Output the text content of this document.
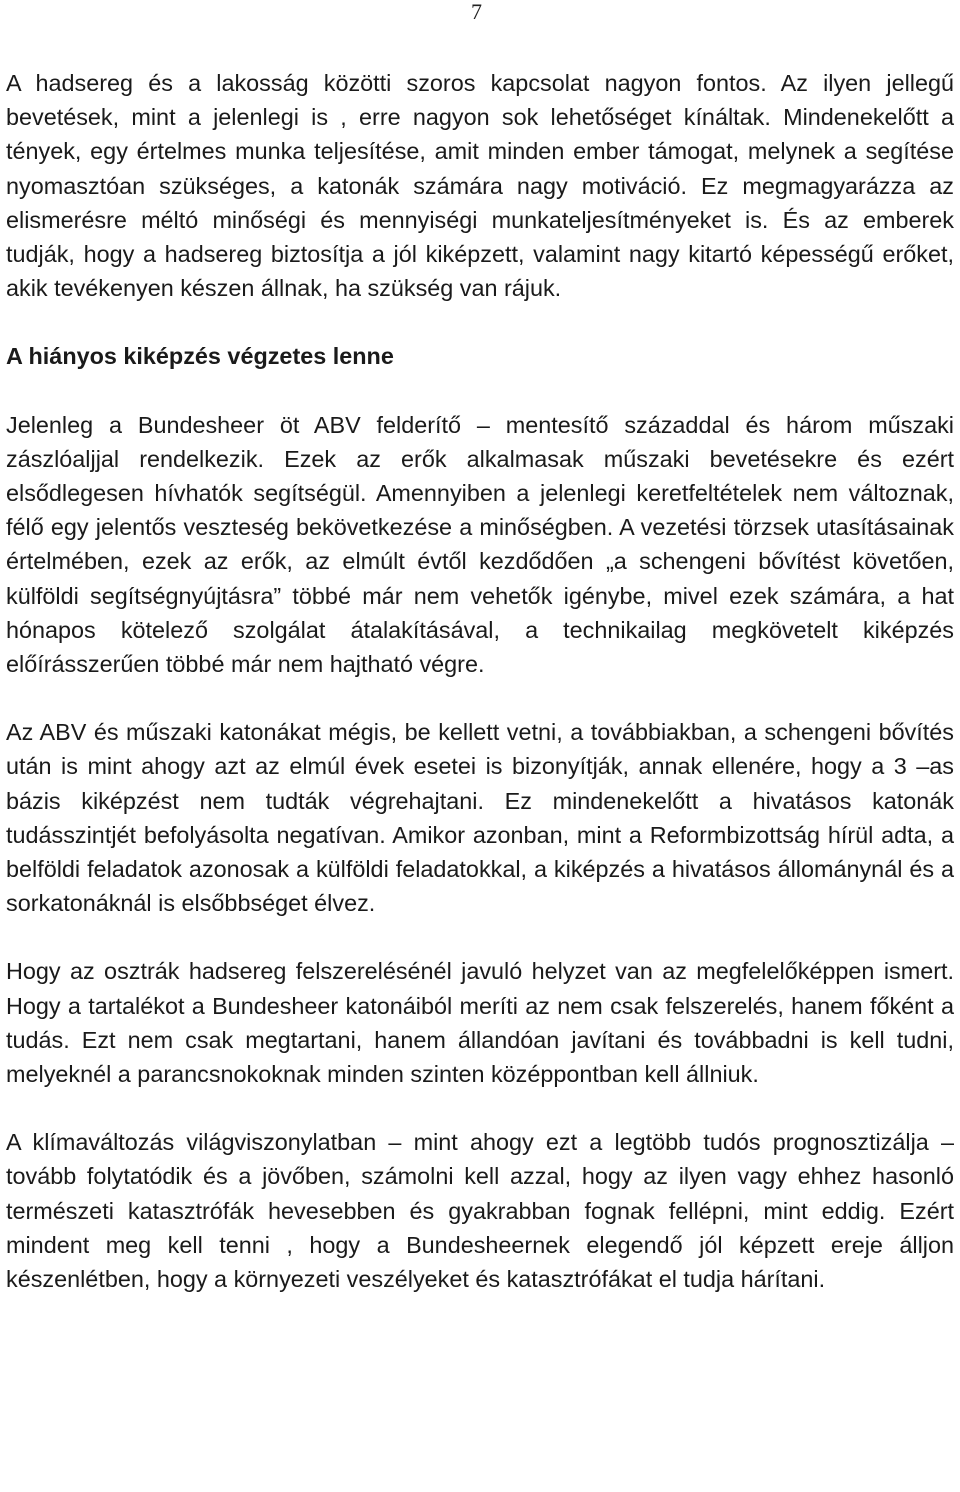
7

A hadsereg és a lakosság közötti szoros kapcsolat nagyon fontos. Az ilyen jellegű bevetések, mint a jelenlegi is , erre nagyon sok lehetőséget kínáltak. Mindenekelőtt a tények, egy értelmes munka teljesítése, amit minden ember támogat, melynek a segítése nyomasztóan szükséges, a katonák számára nagy motiváció. Ez megmagyarázza az elismerésre méltó minőségi és mennyiségi munkateljesítményeket is. És az emberek tudják, hogy a hadsereg biztosítja a jól kiképzett, valamint nagy kitartó képességű erőket, akik tevékenyen készen állnak, ha szükség van rájuk.

A hiányos kiképzés végzetes lenne

Jelenleg a Bundesheer öt ABV felderítő – mentesítő századdal és három műszaki zászlóaljjal rendelkezik. Ezek az erők alkalmasak műszaki bevetésekre és ezért elsődlegesen hívhatók segítségül. Amennyiben a jelenlegi keretfeltételek nem változnak, félő egy jelentős veszteség bekövetkezése a minőségben. A vezetési törzsek utasításainak értelmében, ezek az erők, az elmúlt évtől kezdődően „a schengeni bővítést követően, külföldi segítségnyújtásra” többé már nem vehetők igénybe, mivel ezek számára, a hat hónapos kötelező szolgálat átalakításával, a technikailag megkövetelt kiképzés előírásszerűen többé már nem hajtható végre.

Az ABV és műszaki katonákat mégis, be kellett vetni, a továbbiakban, a schengeni bővítés után is mint ahogy azt az elmúl évek esetei is bizonyítják, annak ellenére, hogy a 3 –as bázis kiképzést nem tudták végrehajtani. Ez mindenekelőtt a hivatásos katonák tudásszintjét befolyásolta negatívan. Amikor azonban, mint a Reformbizottság hírül adta, a belföldi feladatok azonosak a külföldi feladatokkal, a kiképzés a hivatásos állománynál és a sorkatonáknál is elsőbbséget élvez.

Hogy az osztrák hadsereg felszerelésénél javuló helyzet van az megfelelőképpen ismert. Hogy a tartalékot a Bundesheer katonáiból meríti az nem csak felszerelés, hanem főként a tudás. Ezt nem csak megtartani, hanem állandóan javítani és továbbadni is kell tudni, melyeknél a parancsnokoknak minden szinten középpontban kell állniuk.

A klímaváltozás világviszonylatban – mint ahogy ezt a legtöbb tudós prognosztizálja – tovább folytatódik és a jövőben, számolni kell azzal, hogy az ilyen vagy ehhez hasonló természeti katasztrófák hevesebben és gyakrabban fognak fellépni, mint eddig. Ezért mindent meg kell tenni , hogy a Bundesheernek elegendő jól képzett ereje álljon készenlétben, hogy a környezeti veszélyeket és katasztrófákat el tudja hárítani.
